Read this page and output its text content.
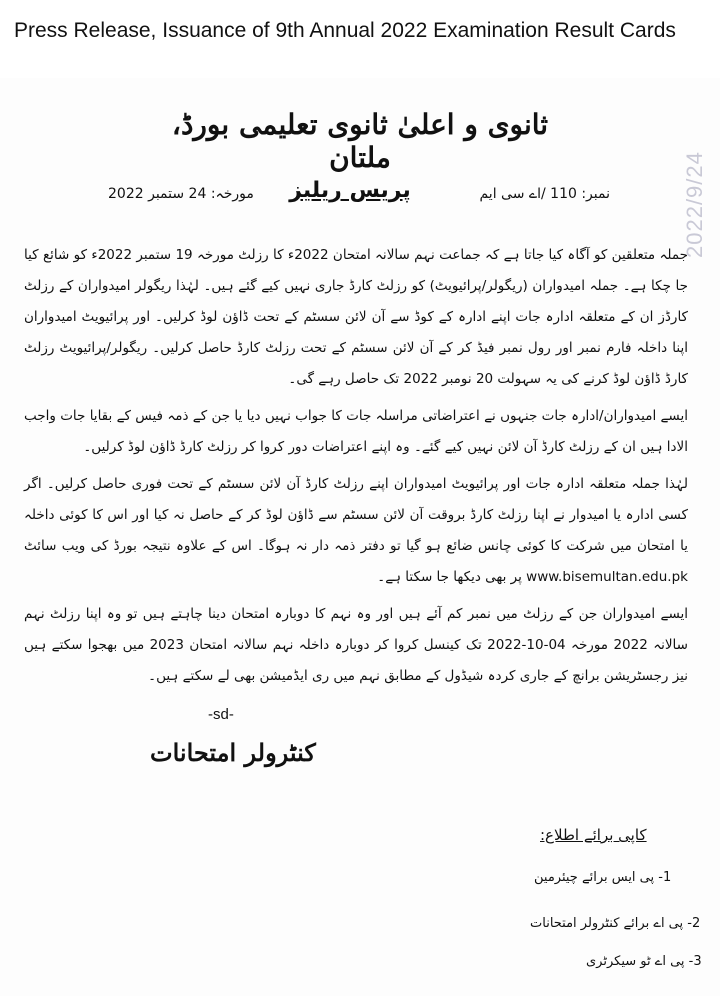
Press Release, Issuance of 9th Annual 2022 Examination Result Cards
2022/9/24
ثانوی و اعلیٰ ثانوی تعلیمی بورڈ، ملتان
نمبر: 110 /اے سی ایم
پریس ریلیز
مورخہ: 24 ستمبر 2022

جملہ متعلقین کو آگاہ کیا جاتا ہے کہ جماعت نہم سالانہ امتحان 2022ء کا رزلٹ مورخہ 19 ستمبر 2022ء کو شائع کیا جا چکا ہے۔ جملہ امیدواران (ریگولر/پرائیویٹ) کو رزلٹ کارڈ جاری نہیں کیے گئے ہیں۔ لہٰذا ریگولر امیدواران کے رزلٹ کارڈز ان کے متعلقہ ادارہ جات اپنے ادارہ کے کوڈ سے آن لائن سسٹم کے تحت ڈاؤن لوڈ کرلیں۔ اور پرائیویٹ امیدواران اپنا داخلہ فارم نمبر اور رول نمبر فیڈ کر کے آن لائن سسٹم کے تحت رزلٹ کارڈ حاصل کرلیں۔ ریگولر/پرائیویٹ رزلٹ کارڈ ڈاؤن لوڈ کرنے کی یہ سہولت 20 نومبر 2022 تک حاصل رہے گی۔

ایسے امیدواران/ادارہ جات جنہوں نے اعتراضاتی مراسلہ جات کا جواب نہیں دیا یا جن کے ذمہ فیس کے بقایا جات واجب الادا ہیں ان کے رزلٹ کارڈ آن لائن نہیں کیے گئے۔ وہ اپنے اعتراضات دور کروا کر رزلٹ کارڈ ڈاؤن لوڈ کرلیں۔

لہٰذا جملہ متعلقہ ادارہ جات اور پرائیویٹ امیدواران اپنے رزلٹ کارڈ آن لائن سسٹم کے تحت فوری حاصل کرلیں۔ اگر کسی ادارہ یا امیدوار نے اپنا رزلٹ کارڈ بروقت آن لائن سسٹم سے ڈاؤن لوڈ کر کے حاصل نہ کیا اور اس کا کوئی داخلہ یا امتحان میں شرکت کا کوئی چانس ضائع ہو گیا تو دفتر ذمہ دار نہ ہوگا۔ اس کے علاوہ نتیجہ بورڈ کی ویب سائٹ www.bisemultan.edu.pk پر بھی دیکھا جا سکتا ہے۔

ایسے امیدواران جن کے رزلٹ میں نمبر کم آئے ہیں اور وہ نہم کا دوبارہ امتحان دینا چاہتے ہیں تو وہ اپنا رزلٹ نہم سالانہ 2022 مورخہ 04-10-2022 تک کینسل کروا کر دوبارہ داخلہ نہم سالانہ امتحان 2023 میں بھجوا سکتے ہیں نیز رجسٹریشن برانچ کے جاری کردہ شیڈول کے مطابق نہم میں ری ایڈمیشن بھی لے سکتے ہیں۔

-sd-
کنٹرولر امتحانات
کاپی برائے اطلاع:
1- پی ایس برائے چیئرمین
2- پی اے برائے کنٹرولر امتحانات
3- پی اے ٹو سیکرٹری
